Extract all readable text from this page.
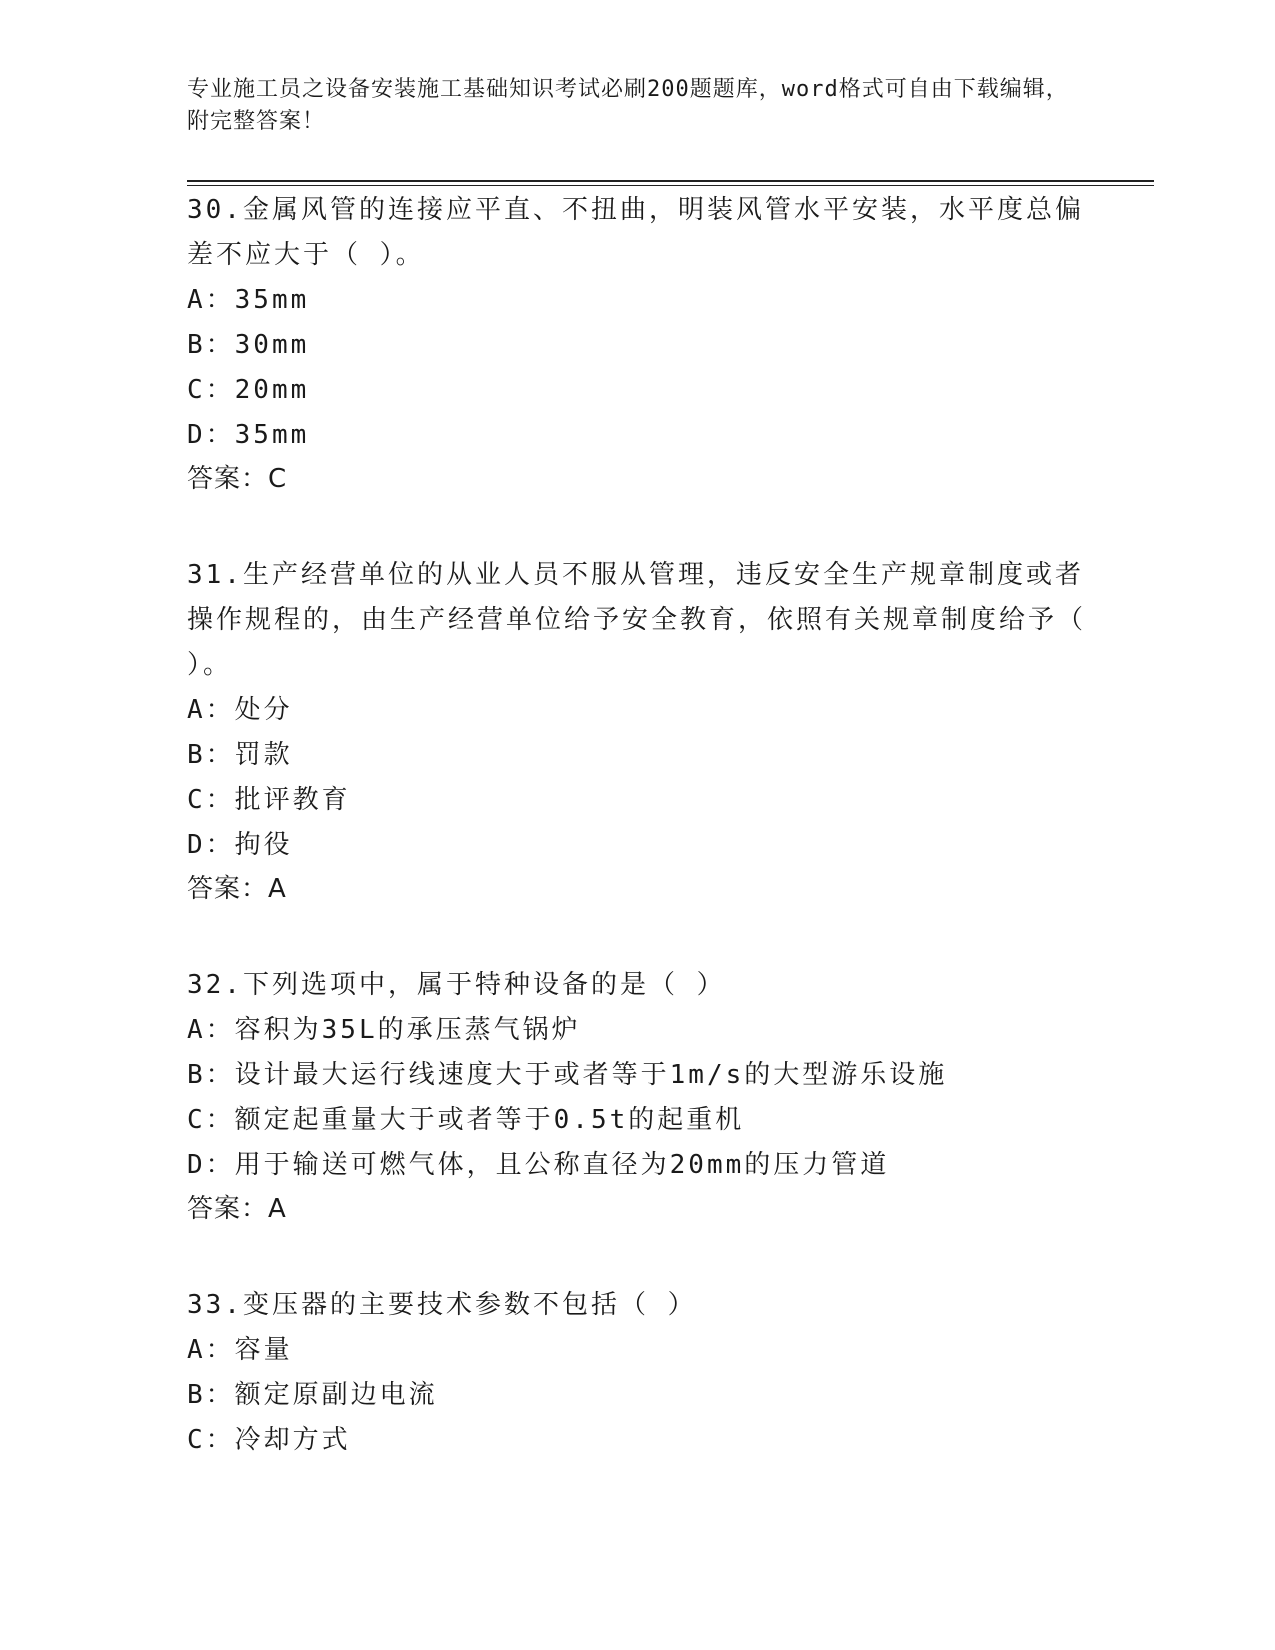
专业施工员之设备安装施工基础知识考试必刷200题题库，word格式可自由下载编辑，附完整答案！
30.金属风管的连接应平直、不扭曲，明装风管水平安装，水平度总偏差不应大于（ ）。
A：35mm
B：30mm
C：20mm
D：35mm
答案：C
31.生产经营单位的从业人员不服从管理，违反安全生产规章制度或者操作规程的，由生产经营单位给予安全教育，依照有关规章制度给予（ ）。
A：处分
B：罚款
C：批评教育
D：拘役
答案：A
32.下列选项中，属于特种设备的是（ ）
A：容积为35L的承压蒸气锅炉
B：设计最大运行线速度大于或者等于1m/s的大型游乐设施
C：额定起重量大于或者等于0.5t的起重机
D：用于输送可燃气体，且公称直径为20mm的压力管道
答案：A
33.变压器的主要技术参数不包括（ ）
A：容量
B：额定原副边电流
C：冷却方式
